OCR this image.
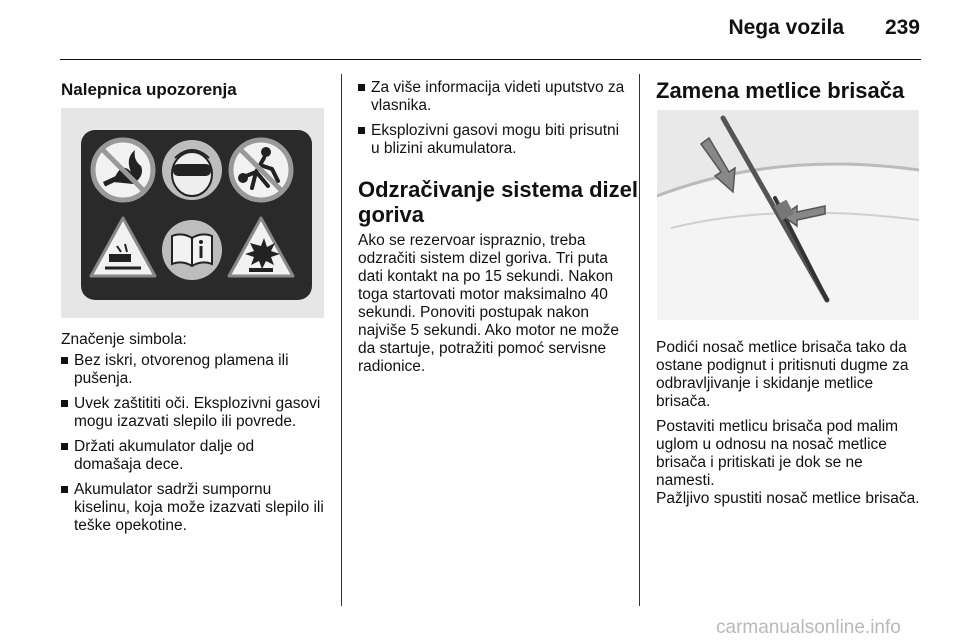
Nega vozila 239
Nalepnica upozorenja

Značenje simbola:

Bez iskri, otvorenog plamena ili pušenja.
Uvek zaštititi oči. Eksplozivni gasovi mogu izazvati slepilo ili povrede.
Držati akumulator dalje od domašaja dece.
Akumulator sadrži sumpornu kiselinu, koja može izazvati slepilo ili teške opekotine.
Za više informacija videti uputstvo za vlasnika.
Eksplozivni gasovi mogu biti prisutni u blizini akumulatora.
Odzračivanje sistema dizel
goriva

Ako se rezervoar ispraznio, treba odzračiti sistem dizel goriva. Tri puta dati kontakt na po 15 sekundi. Nakon toga startovati motor maksimalno 40 sekundi. Ponoviti postupak nakon najviše 5 sekundi. Ako motor ne može da startuje, potražiti pomoć servisne radionice.

Zamena metlice brisača

Podići nosač metlice brisača tako da ostane podignut i pritisnuti dugme za odbravljivanje i skidanje metlice brisača.

Postaviti metlicu brisača pod malim uglom u odnosu na nosač metlice brisača i pritiskati je dok se ne namesti.

Pažljivo spustiti nosač metlice brisača.

carmanualsonline.info
